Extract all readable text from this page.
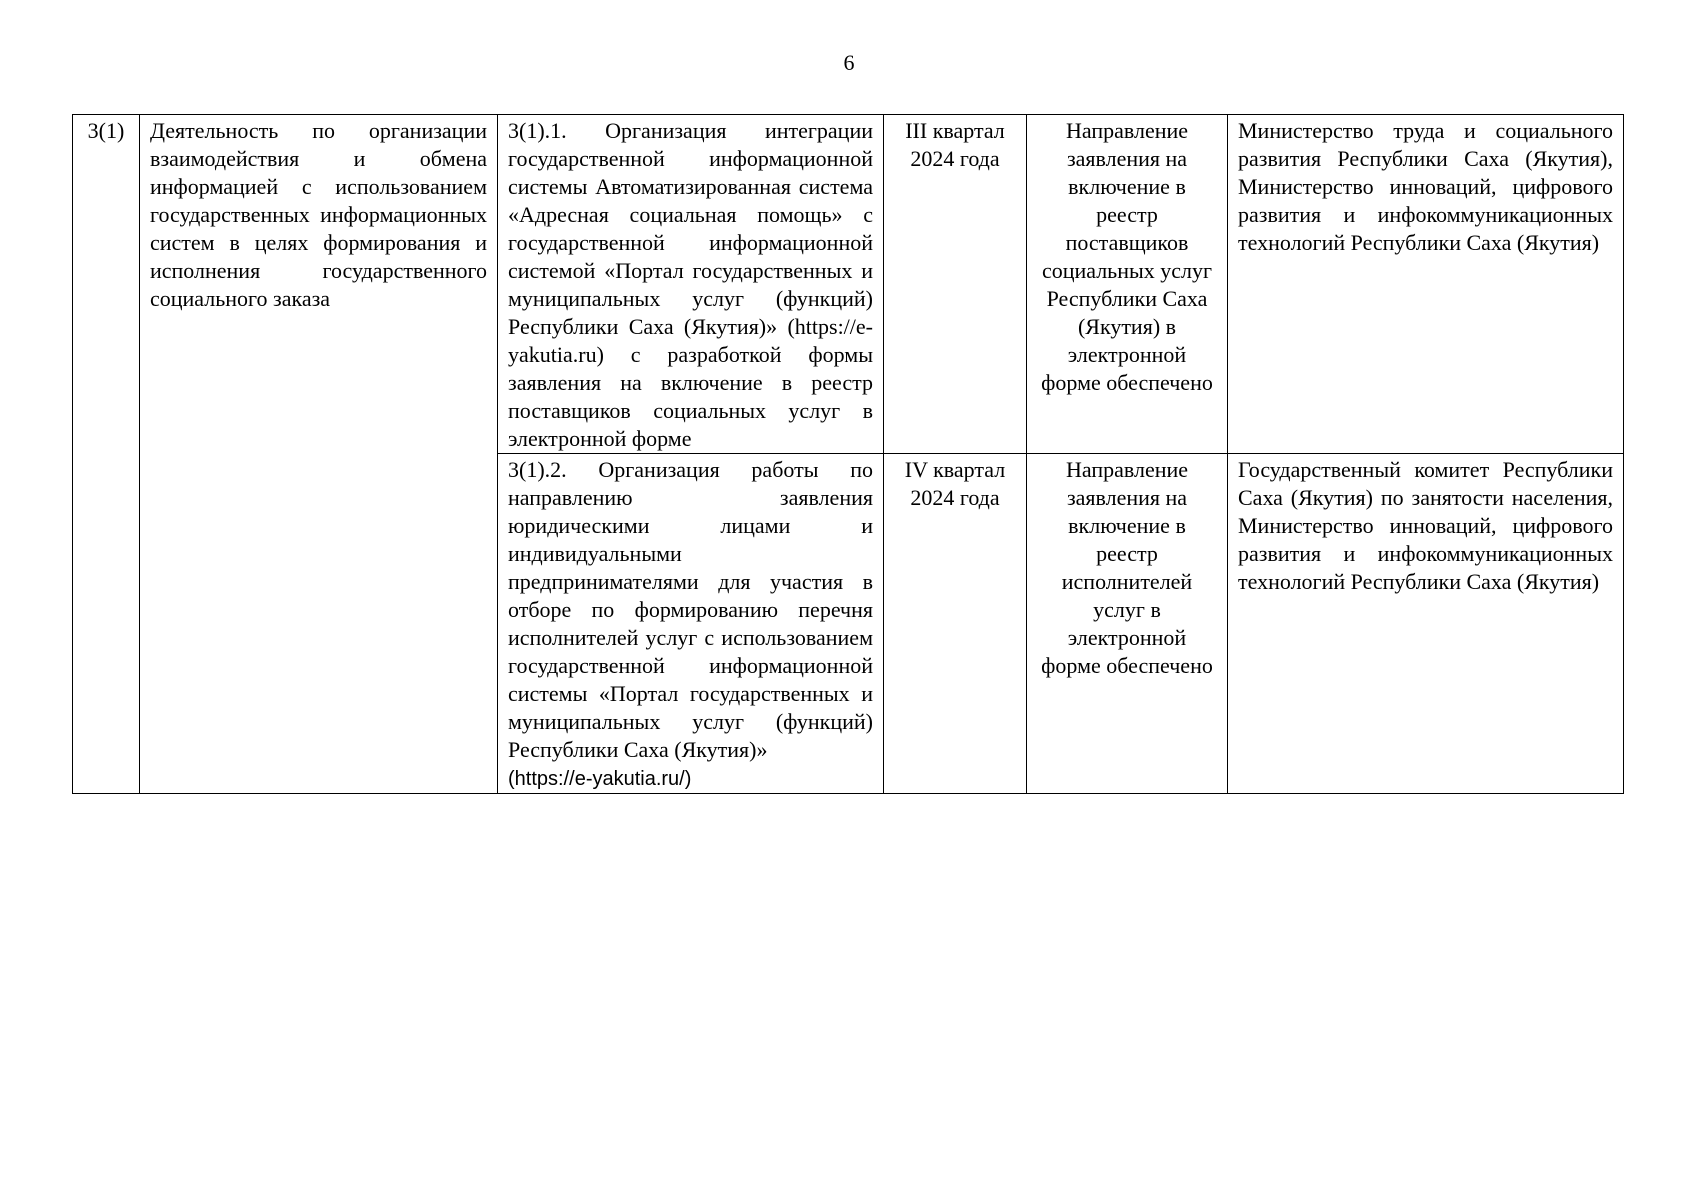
6
3(1)	Деятельность по организации взаимодействия и обмена информацией с использованием государственных информационных систем в целях формирования и исполнения государственного социального заказа	3(1).1. Организация интеграции государственной информационной системы Автоматизированная система «Адресная социальная помощь» с государственной информационной системой «Портал государственных и муниципальных услуг (функций) Республики Саха (Якутия)» (https://e-yakutia.ru) с разработкой формы заявления на включение в реестр поставщиков социальных услуг в электронной форме	III квартал 2024 года	Направление заявления на включение в реестр поставщиков социальных услуг Республики Саха (Якутия) в электронной форме обеспечено	Министерство труда и социального развития Республики Саха (Якутия), Министерство инноваций, цифрового развития и инфокоммуникационных технологий Республики Саха (Якутия)
		3(1).2. Организация работы по направлению заявления юридическими лицами и индивидуальными предпринимателями для участия в отборе по формированию перечня исполнителей услуг с использованием государственной информационной системы «Портал государственных и муниципальных услуг (функций) Республики Саха (Якутия)»
(https://e-yakutia.ru/)	IV квартал 2024 года	Направление заявления на включение в реестр исполнителей услуг в электронной форме обеспечено	Государственный комитет Республики Саха (Якутия) по занятости населения, Министерство инноваций, цифрового развития и инфокоммуникационных технологий Республики Саха (Якутия)
